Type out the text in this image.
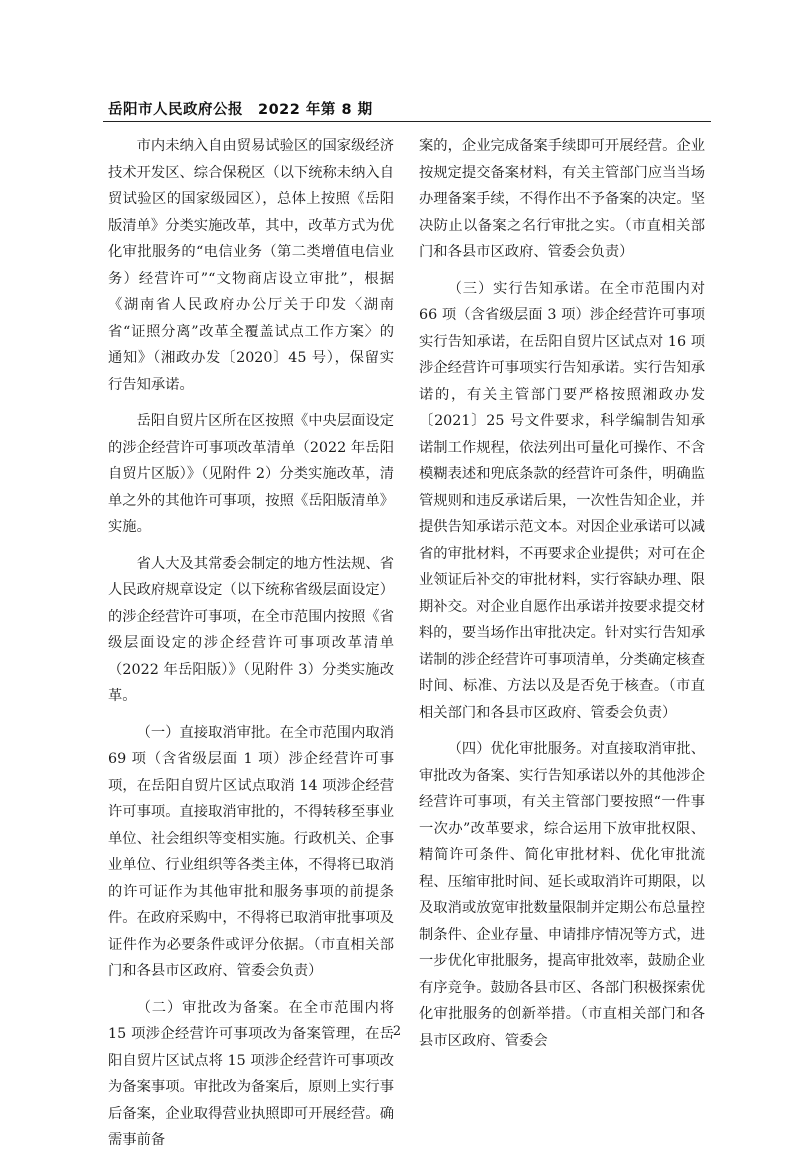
岳阳市人民政府公报　2022 年第 8 期

市内未纳入自由贸易试验区的国家级经济技术开发区、综合保税区（以下统称未纳入自贸试验区的国家级园区），总体上按照《岳阳版清单》分类实施改革，其中，改革方式为优化审批服务的“电信业务（第二类增值电信业务）经营许可”“文物商店设立审批”，根据《湖南省人民政府办公厅关于印发〈湖南省“证照分离”改革全覆盖试点工作方案〉的通知》（湘政办发〔2020〕45 号），保留实行告知承诺。

岳阳自贸片区所在区按照《中央层面设定的涉企经营许可事项改革清单（2022 年岳阳自贸片区版）》（见附件 2）分类实施改革，清单之外的其他许可事项，按照《岳阳版清单》实施。

省人大及其常委会制定的地方性法规、省人民政府规章设定（以下统称省级层面设定）的涉企经营许可事项，在全市范围内按照《省级层面设定的涉企经营许可事项改革清单（2022 年岳阳版）》（见附件 3）分类实施改革。

（一）直接取消审批。在全市范围内取消 69 项（含省级层面 1 项）涉企经营许可事项，在岳阳自贸片区试点取消 14 项涉企经营许可事项。直接取消审批的，不得转移至事业单位、社会组织等变相实施。行政机关、企事业单位、行业组织等各类主体，不得将已取消的许可证作为其他审批和服务事项的前提条件。在政府采购中，不得将已取消审批事项及证件作为必要条件或评分依据。（市直相关部门和各县市区政府、管委会负责）

（二）审批改为备案。在全市范围内将 15 项涉企经营许可事项改为备案管理，在岳阳自贸片区试点将 15 项涉企经营许可事项改为备案事项。审批改为备案后，原则上实行事后备案，企业取得营业执照即可开展经营。确需事前备

案的，企业完成备案手续即可开展经营。企业按规定提交备案材料，有关主管部门应当当场办理备案手续，不得作出不予备案的决定。坚决防止以备案之名行审批之实。（市直相关部门和各县市区政府、管委会负责）

（三）实行告知承诺。在全市范围内对 66 项（含省级层面 3 项）涉企经营许可事项实行告知承诺，在岳阳自贸片区试点对 16 项涉企经营许可事项实行告知承诺。实行告知承诺的，有关主管部门要严格按照湘政办发〔2021〕25 号文件要求，科学编制告知承诺制工作规程，依法列出可量化可操作、不含模糊表述和兜底条款的经营许可条件，明确监管规则和违反承诺后果，一次性告知企业，并提供告知承诺示范文本。对因企业承诺可以减省的审批材料，不再要求企业提供；对可在企业领证后补交的审批材料，实行容缺办理、限期补交。对企业自愿作出承诺并按要求提交材料的，要当场作出审批决定。针对实行告知承诺制的涉企经营许可事项清单，分类确定核查时间、标准、方法以及是否免于核查。（市直相关部门和各县市区政府、管委会负责）

（四）优化审批服务。对直接取消审批、审批改为备案、实行告知承诺以外的其他涉企经营许可事项，有关主管部门要按照“一件事一次办”改革要求，综合运用下放审批权限、精简许可条件、简化审批材料、优化审批流程、压缩审批时间、延长或取消许可期限，以及取消或放宽审批数量限制并定期公布总量控制条件、企业存量、申请排序情况等方式，进一步优化审批服务，提高审批效率，鼓励企业有序竞争。鼓励各县市区、各部门积极探索优化审批服务的创新举措。（市直相关部门和各县市区政府、管委会

2
